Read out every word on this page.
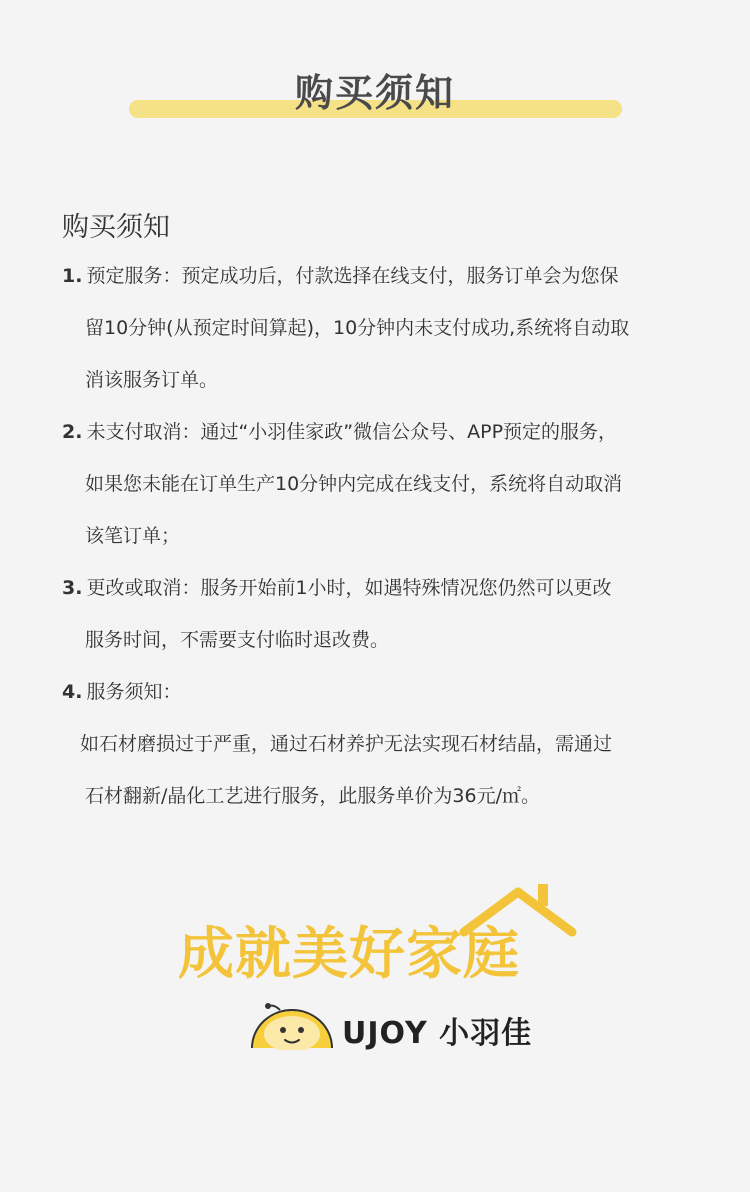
购买须知
购买须知
1. 预定服务：预定成功后，付款选择在线支付，服务订单会为您保
留10分钟(从预定时间算起)，10分钟内未支付成功,系统将自动取
消该服务订单。
2. 未支付取消：通过“小羽佳家政”微信公众号、APP预定的服务，
如果您未能在订单生产10分钟内完成在线支付，系统将自动取消
该笔订单；
3. 更改或取消：服务开始前1小时，如遇特殊情况您仍然可以更改
服务时间，不需要支付临时退改费。
4. 服务须知：
如石材磨损过于严重，通过石材养护无法实现石材结晶，需通过
石材翻新/晶化工艺进行服务，此服务单价为36元/㎡。
成就美好家庭
UJOY 小羽佳
